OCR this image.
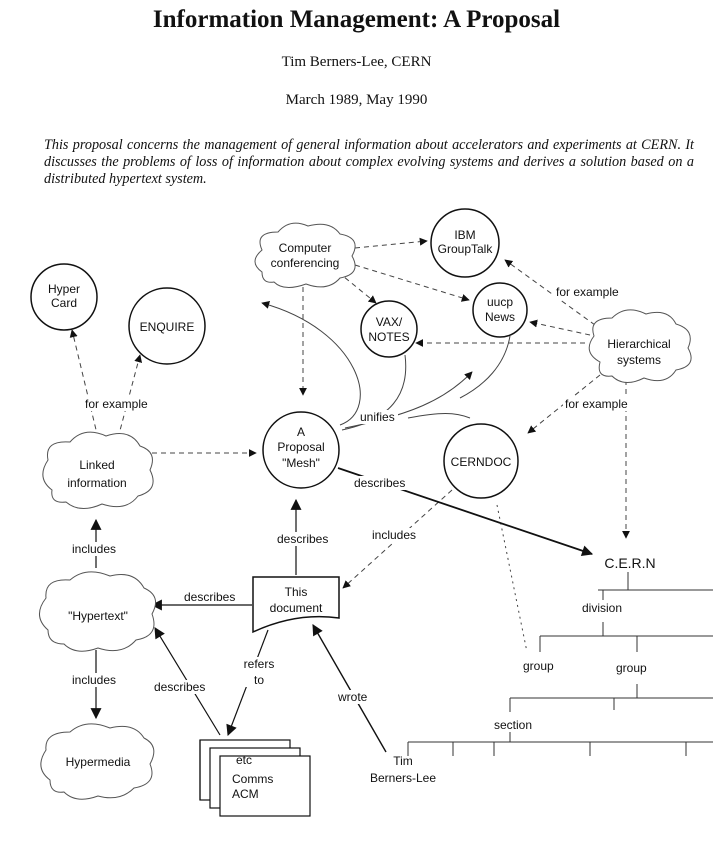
Information Management: A Proposal
Tim Berners-Lee, CERN
March 1989, May 1990
This proposal concerns the management of general information about accelerators and experiments at CERN. It discusses the problems of loss of information about complex evolving systems and derives a solution based on a distributed hypertext system.
IBM
GroupTalk
Computer
conferencing
Hyper
Card
ENQUIRE
uucp
News
VAX/
NOTES	Hierarchical
systems
A
Proposal
"Mesh"	CERNDOC
Linked
information
"Hypertext"
This
document
Hypermedia	Tim
Berners-Lee
C.E.R.N
etc
Comms
ACM
for example
for example
for example
unifies
describes
describes	includes
includes
describes
includes
refers
to
describes
wrote
division
group	group
section
